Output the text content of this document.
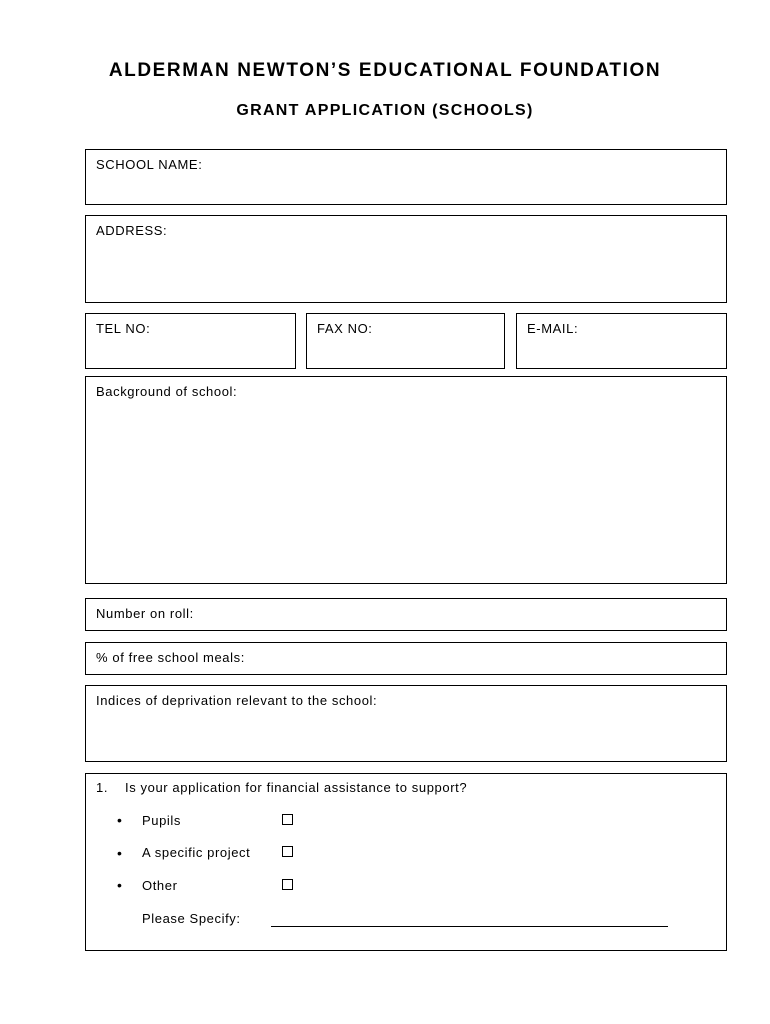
ALDERMAN NEWTON’S EDUCATIONAL FOUNDATION
GRANT APPLICATION (SCHOOLS)
SCHOOL NAME:
ADDRESS:
TEL NO:	FAX NO:	E-MAIL:
Background of school:
Number on roll:
% of free school meals:
Indices of deprivation relevant to the school:
1. Is your application for financial assistance to support?
• Pupils
• A specific project
• Other
Please Specify:
